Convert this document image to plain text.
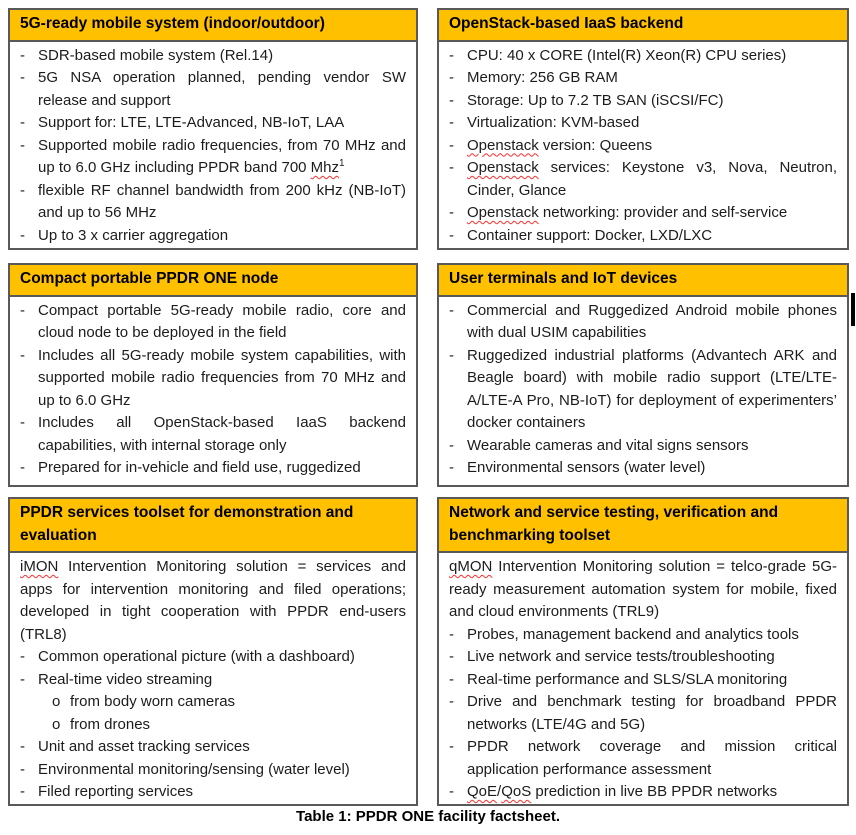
5G-ready mobile system (indoor/outdoor)
- SDR-based mobile system (Rel.14)
- 5G NSA operation planned, pending vendor SW release and support
- Support for: LTE, LTE-Advanced, NB-IoT, LAA
- Supported mobile radio frequencies, from 70 MHz and up to 6.0 GHz including PPDR band 700 Mhz$^1$
- flexible RF channel bandwidth from 200 kHz (NB-IoT) and up to 56 MHz
- Up to 3 x carrier aggregation
OpenStack-based IaaS backend
- CPU: 40 x CORE (Intel(R) Xeon(R) CPU series)
- Memory: 256 GB RAM
- Storage: Up to 7.2 TB SAN (iSCSI/FC)
- Virtualization: KVM-based
- Openstack version: Queens
- Openstack services: Keystone v3, Nova, Neutron, Cinder, Glance
- Openstack networking: provider and self-service
- Container support: Docker, LXD/LXC
Compact portable PPDR ONE node
- Compact portable 5G-ready mobile radio, core and cloud node to be deployed in the field
- Includes all 5G-ready mobile system capabilities, with supported mobile radio frequencies from 70 MHz and up to 6.0 GHz
- Includes all OpenStack-based IaaS backend capabilities, with internal storage only
- Prepared for in-vehicle and field use, ruggedized
User terminals and IoT devices
- Commercial and Ruggedized Android mobile phones with dual USIM capabilities
- Ruggedized industrial platforms (Advantech ARK and Beagle board) with mobile radio support (LTE/LTE-A/LTE-A Pro, NB-IoT) for deployment of experimenters’ docker containers
- Wearable cameras and vital signs sensors
- Environmental sensors (water level)
PPDR services toolset for demonstration and evaluation
iMON Intervention Monitoring solution = services and apps for intervention monitoring and filed operations; developed in tight cooperation with PPDR end-users (TRL8)
- Common operational picture (with a dashboard)
- Real-time video streaming
o from body worn cameras
o from drones
- Unit and asset tracking services
- Environmental monitoring/sensing (water level)
- Filed reporting services
Network and service testing, verification and benchmarking toolset
qMON Intervention Monitoring solution = telco-grade 5G-ready measurement automation system for mobile, fixed and cloud environments (TRL9)
- Probes, management backend and analytics tools
- Live network and service tests/troubleshooting
- Real-time performance and SLS/SLA monitoring
- Drive and benchmark testing for broadband PPDR networks (LTE/4G and 5G)
- PPDR network coverage and mission critical application performance assessment
- QoE/QoS prediction in live BB PPDR networks
Table 1: PPDR ONE facility factsheet.
